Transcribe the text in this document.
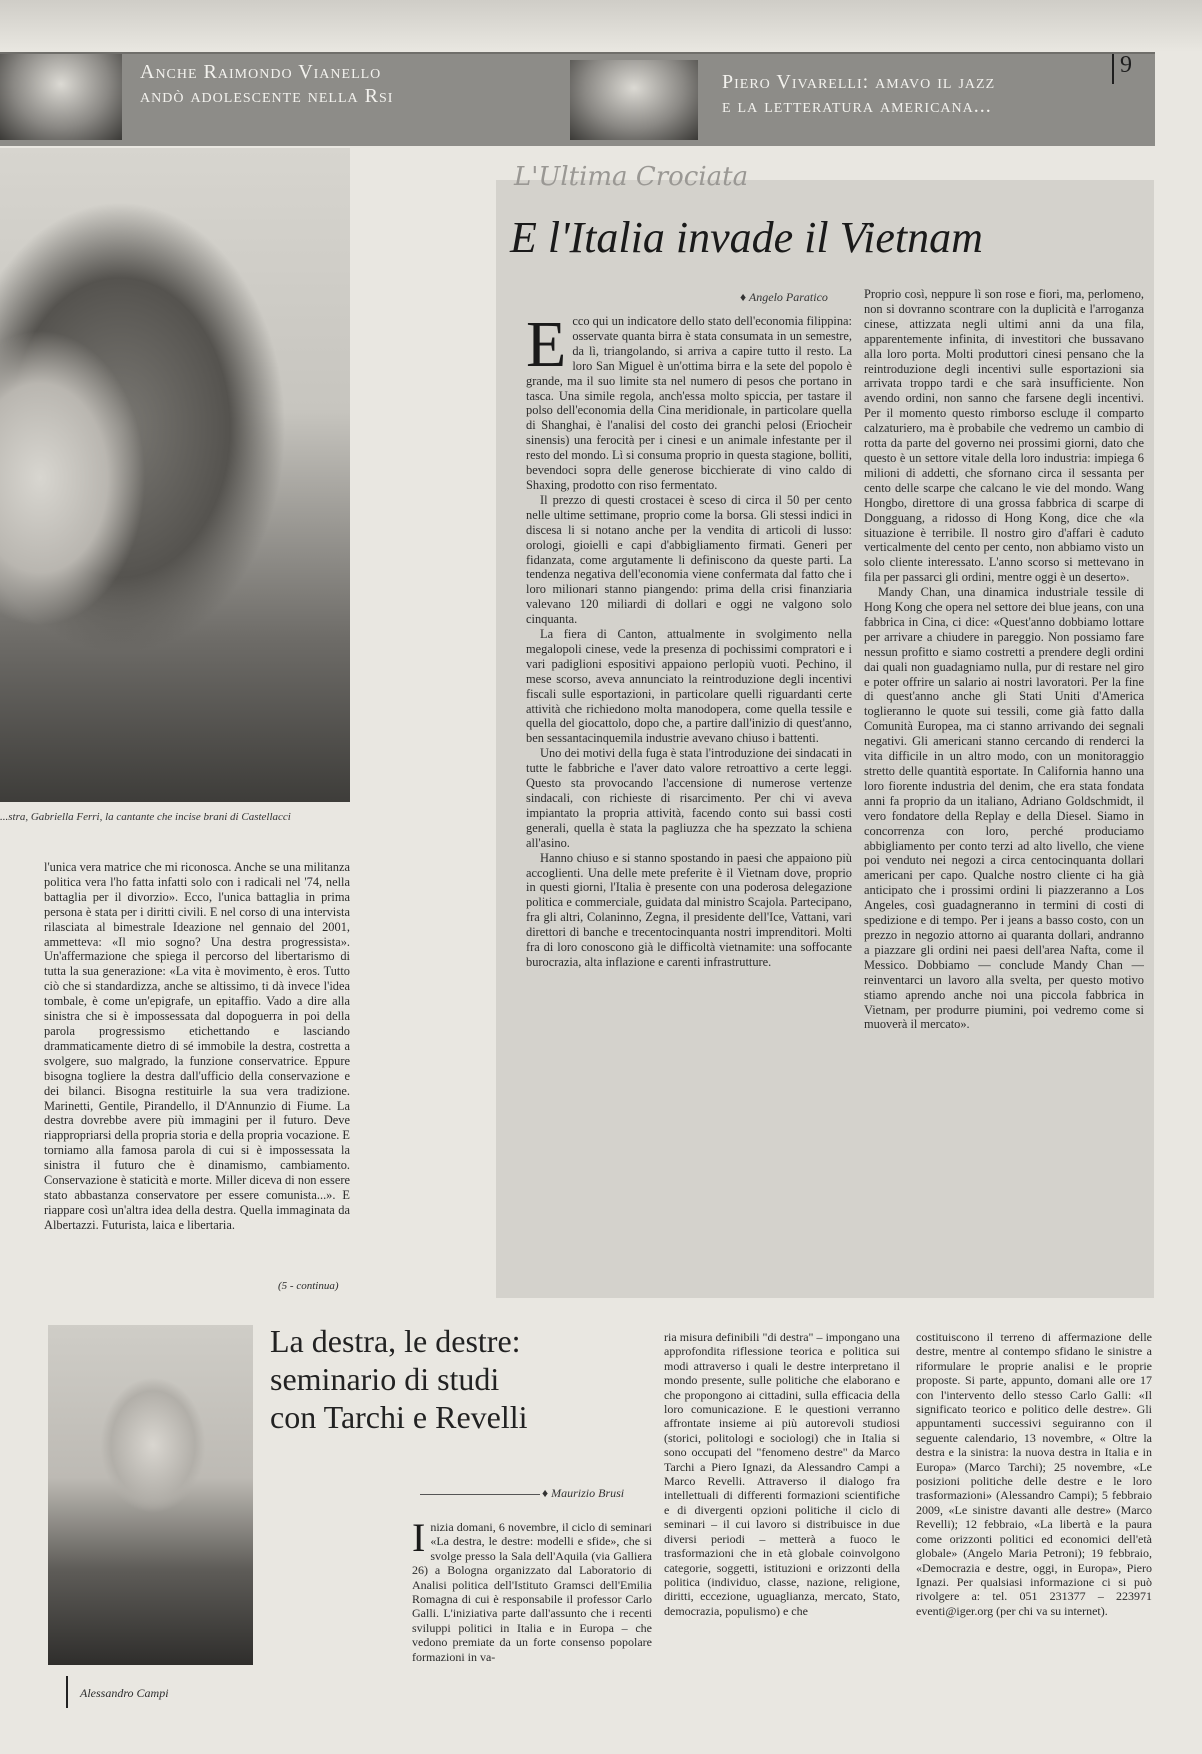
Anche Raimondo Vianello
andò adolescente nella Rsi
Piero Vivarelli: amavo il jazz
e la letteratura americana...
9
...stra, Gabriella Ferri, la cantante che incise brani di Castellacci

l'unica vera matrice che mi riconosca. Anche se una militanza politica vera l'ho fatta infatti solo con i radicali nel '74, nella battaglia per il divorzio». Ecco, l'unica battaglia in prima persona è stata per i diritti civili. E nel corso di una intervista rilasciata al bimestrale Ideazione nel gennaio del 2001, ammetteva: «Il mio sogno? Una destra progressista». Un'affermazione che spiega il percorso del libertarismo di tutta la sua generazione: «La vita è movimento, è eros. Tutto ciò che si standardizza, anche se altissimo, ti dà invece l'idea tombale, è come un'epigrafe, un epitaffio. Vado a dire alla sinistra che si è impossessata dal dopoguerra in poi della parola progressismo etichettando e lasciando drammaticamente dietro di sé immobile la destra, costretta a svolgere, suo malgrado, la funzione conservatrice. Eppure bisogna togliere la destra dall'ufficio della conservazione e dei bilanci. Bisogna restituirle la sua vera tradizione. Marinetti, Gentile, Pirandello, il D'Annunzio di Fiume. La destra dovrebbe avere più immagini per il futuro. Deve riappropriarsi della propria storia e della propria vocazione. E torniamo alla famosa parola di cui si è impossessata la sinistra il futuro che è dinamismo, cambiamento. Conservazione è staticità e morte. Miller diceva di non essere stato abbastanza conservatore per essere comunista...». E riappare così un'altra idea della destra. Quella immaginata da Albertazzi. Futurista, laica e libertaria.

(5 - continua)
L'Ultima Crociata
E l'Italia invade il Vietnam
♦ Angelo Paratico
E cco qui un indicatore dello stato dell'economia filippina: osservate quanta birra è stata consumata in un semestre, da lì, triangolando, si arriva a capire tutto il resto. La loro San Miguel è un'ottima birra e la sete del popolo è grande, ma il suo limite sta nel numero di pesos che portano in tasca. Una simile regola, anch'essa molto spiccia, per tastare il polso dell'economia della Cina meridionale, in particolare quella di Shanghai, è l'analisi del costo dei granchi pelosi (Eriocheir sinensis) una ferocità per i cinesi e un animale infestante per il resto del mondo. Lì si consuma proprio in questa stagione, bolliti, bevendoci sopra delle generose bicchierate di vino caldo di Shaxing, prodotto con riso fermentato.

Il prezzo di questi crostacei è sceso di circa il 50 per cento nelle ultime settimane, proprio come la borsa. Gli stessi indici in discesa li si notano anche per la vendita di articoli di lusso: orologi, gioielli e capi d'abbigliamento firmati. Generi per fidanzata, come argutamente li definiscono da queste parti. La tendenza negativa dell'economia viene confermata dal fatto che i loro milionari stanno piangendo: prima della crisi finanziaria valevano 120 miliardi di dollari e oggi ne valgono solo cinquanta.

La fiera di Canton, attualmente in svolgimento nella megalopoli cinese, vede la presenza di pochissimi compratori e i vari padiglioni espositivi appaiono perlopiù vuoti. Pechino, il mese scorso, aveva annunciato la reintroduzione degli incentivi fiscali sulle esportazioni, in particolare quelli riguardanti certe attività che richiedono molta manodopera, come quella tessile e quella del giocattolo, dopo che, a partire dall'inizio di quest'anno, ben sessantacinquemila industrie avevano chiuso i battenti.

Uno dei motivi della fuga è stata l'introduzione dei sindacati in tutte le fabbriche e l'aver dato valore retroattivo a certe leggi. Questo sta provocando l'accensione di numerose vertenze sindacali, con richieste di risarcimento. Per chi vi aveva impiantato la propria attività, facendo conto sui bassi costi generali, quella è stata la pagliuzza che ha spezzato la schiena all'asino.

Hanno chiuso e si stanno spostando in paesi che appaiono più accoglienti. Una delle mete preferite è il Vietnam dove, proprio in questi giorni, l'Italia è presente con una poderosa delegazione politica e commerciale, guidata dal ministro Scajola. Partecipano, fra gli altri, Colaninno, Zegna, il presidente dell'Ice, Vattani, vari direttori di banche e trecentocinquanta nostri imprenditori. Molti fra di loro conoscono già le difficoltà vietnamite: una soffocante burocrazia, alta inflazione e carenti infrastrutture.

Proprio così, neppure lì son rose e fiori, ma, perlomeno, non si dovranno scontrare con la duplicità e l'arroganza cinese, attizzata negli ultimi anni da una fila, apparentemente infinita, di investitori che bussavano alla loro porta. Molti produttori cinesi pensano che la reintroduzione degli incentivi sulle esportazioni sia arrivata troppo tardi e che sarà insufficiente. Non avendo ordini, non sanno che farsene degli incentivi. Per il momento questo rimborso escluде il comparto calzaturiero, ma è probabile che vedremo un cambio di rotta da parte del governo nei prossimi giorni, dato che questo è un settore vitale della loro industria: impiega 6 milioni di addetti, che sfornano circa il sessanta per cento delle scarpe che calcano le vie del mondo. Wang Hongbo, direttore di una grossa fabbrica di scarpe di Dongguang, a ridosso di Hong Kong, dice che «la situazione è terribile. Il nostro giro d'affari è caduto verticalmente del cento per cento, non abbiamo visto un solo cliente interessato. L'anno scorso si mettevano in fila per passarci gli ordini, mentre oggi è un deserto».

Mandy Chan, una dinamica industriale tessile di Hong Kong che opera nel settore dei blue jeans, con una fabbrica in Cina, ci dice: «Quest'anno dobbiamo lottare per arrivare a chiudere in pareggio. Non possiamo fare nessun profitto e siamo costretti a prendere degli ordini dai quali non guadagniamo nulla, pur di restare nel giro e poter offrire un salario ai nostri lavoratori. Per la fine di quest'anno anche gli Stati Uniti d'America toglieranno le quote sui tessili, come già fatto dalla Comunità Europea, ma ci stanno arrivando dei segnali negativi. Gli americani stanno cercando di renderci la vita difficile in un altro modo, con un monitoraggio stretto delle quantità esportate. In California hanno una loro fiorente industria del denim, che era stata fondata anni fa proprio da un italiano, Adriano Goldschmidt, il vero fondatore della Replay e della Diesel. Siamo in concorrenza con loro, perché produciamo abbigliamento per conto terzi ad alto livello, che viene poi venduto nei negozi a circa centocinquanta dollari americani per capo. Qualche nostro cliente ci ha già anticipato che i prossimi ordini li piazzeranno a Los Angeles, così guadagneranno in termini di costi di spedizione e di tempo. Per i jeans a basso costo, con un prezzo in negozio attorno ai quaranta dollari, andranno a piazzare gli ordini nei paesi dell'area Nafta, come il Messico. Dobbiamo — conclude Mandy Chan — reinventarci un lavoro alla svelta, per questo motivo stiamo aprendo anche noi una piccola fabbrica in Vietnam, per produrre piumini, poi vedremo come si muoverà il mercato».

Alessandro Campi
La destra, le destre:
seminario di studi
con Tarchi e Revelli
♦ Maurizio Brusi
I nizia domani, 6 novembre, il ciclo di seminari «La destra, le destre: modelli e sfide», che si svolge presso la Sala dell'Aquila (via Galliera 26) a Bologna organizzato dal Laboratorio di Analisi politica dell'Istituto Gramsci dell'Emilia Romagna di cui è responsabile il professor Carlo Galli. L'iniziativa parte dall'assunto che i recenti sviluppi politici in Italia e in Europa – che vedono premiate da un forte consenso popolare formazioni in va-

ria misura definibili "di destra" – impongano una approfondita riflessione teorica e politica sui modi attraverso i quali le destre interpretano il mondo presente, sulle politiche che elaborano e che propongono ai cittadini, sulla efficacia della loro comunicazione. E le questioni verranno affrontate insieme ai più autorevoli studiosi (storici, politologi e sociologi) che in Italia si sono occupati del "fenomeno destre" da Marco Tarchi a Piero Ignazi, da Alessandro Campi a Marco Revelli. Attraverso il dialogo fra intellettuali di differenti formazioni scientifiche e di divergenti opzioni politiche il ciclo di seminari – il cui lavoro si distribuisce in due diversi periodi – metterà a fuoco le trasformazioni che in età globale coinvolgono categorie, soggetti, istituzioni e orizzonti della politica (individuo, classe, nazione, religione, diritti, eccezione, uguaglianza, mercato, Stato, democrazia, populismo) e che

costituiscono il terreno di affermazione delle destre, mentre al contempo sfidano le sinistre a riformulare le proprie analisi e le proprie proposte. Si parte, appunto, domani alle ore 17 con l'intervento dello stesso Carlo Galli: «Il significato teorico e politico delle destre». Gli appuntamenti successivi seguiranno con il seguente calendario, 13 novembre, « Oltre la destra e la sinistra: la nuova destra in Italia e in Europa» (Marco Tarchi); 25 novembre, «Le posizioni politiche delle destre e le loro trasformazioni» (Alessandro Campi); 5 febbraio 2009, «Le sinistre davanti alle destre» (Marco Revelli); 12 febbraio, «La libertà e la paura come orizzonti politici ed economici dell'età globale» (Angelo Maria Petroni); 19 febbraio, «Democrazia e destre, oggi, in Europa», Piero Ignazi. Per qualsiasi informazione ci si può rivolgere a: tel. 051 231377 – 223971 eventi@iger.org (per chi va su internet).
